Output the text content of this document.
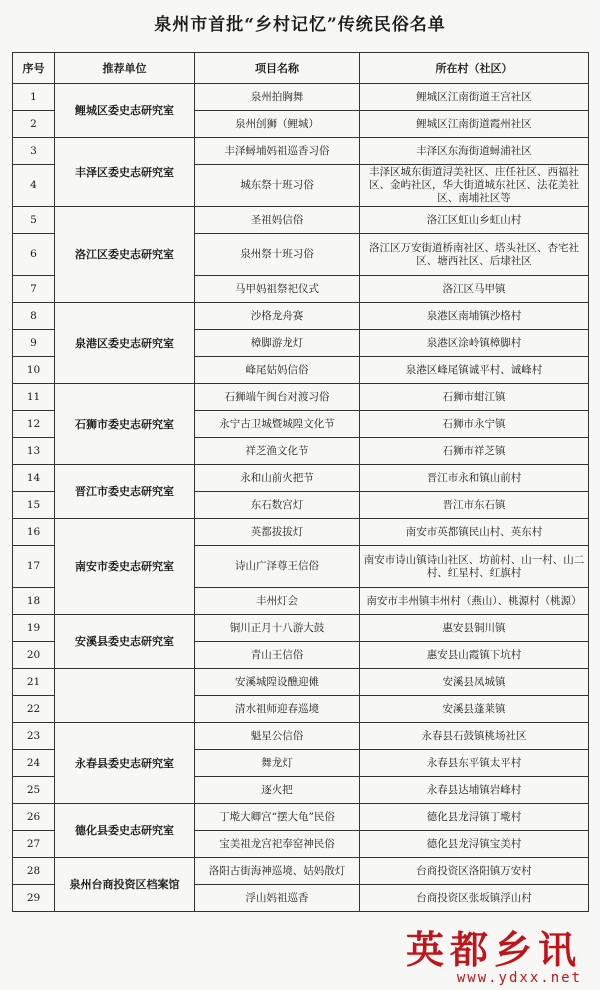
泉州市首批“乡村记忆”传统民俗名单
序号	推荐单位	项目名称	所在村（社区）
1	鲤城区委史志研究室	泉州拍胸舞	鲤城区江南街道王宫社区
2		泉州刣狮（鲤城）	鲤城区江南街道霞州社区
3	丰泽区委史志研究室	丰泽蟳埔妈祖巡香习俗	丰泽区东海街道蟳浦社区
4		城东祭十班习俗	丰泽区城东街道浔美社区、庄任社区、西福社区、金屿社区，华大街道城东社区、法花美社区、南埔社区等
5	洛江区委史志研究室	圣祖妈信俗	洛江区虹山乡虹山村
6		泉州祭十班习俗	洛江区万安街道桥南社区、塔头社区、杏宅社区、塘西社区、后埭社区
7		马甲妈祖祭祀仪式	洛江区马甲镇
8	泉港区委史志研究室	沙格龙舟赛	泉港区南埔镇沙格村
9		樟脚游龙灯	泉港区涂岭镇樟脚村
10		峰尾姑妈信俗	泉港区峰尾镇诚平村、诚峰村
11	石狮市委史志研究室	石狮端午闽台对渡习俗	石狮市蚶江镇
12		永宁古卫城暨城隍文化节	石狮市永宁镇
13		祥芝渔文化节	石狮市祥芝镇
14	晋江市委史志研究室	永和山前火把节	晋江市永和镇山前村
15		东石数宫灯	晋江市东石镇
16	南安市委史志研究室	英都拔拔灯	南安市英都镇民山村、英东村
17		诗山广泽尊王信俗	南安市诗山镇诗山社区、坊前村、山一村、山二村、红星村、红旗村
18		丰州灯会	南安市丰州镇丰州村（燕山）、桃源村（桃源）
19	安溪县委史志研究室	铜川正月十八游大鼓	惠安县铜川镇
20		青山王信俗	惠安县山霞镇下坑村
21		安溪城隍设醮迎傩	安溪县凤城镇
22		清水祖师迎春巡境	安溪县蓬莱镇
23	永春县委史志研究室	魁星公信俗	永春县石鼓镇桃场社区
24		舞龙灯	永春县东平镇太平村
25		逐火把	永春县达埔镇岩峰村
26	德化县委史志研究室	丁墘大卿宫“摆大龟”民俗	德化县龙浔镇丁墘村
27		宝美祖龙宫祀奉窑神民俗	德化县龙浔镇宝美村
28	泉州台商投资区档案馆	洛阳古街海神巡境、姑妈散灯	台商投资区洛阳镇万安村
29		浮山妈祖巡香	台商投资区张坂镇浮山村
英都乡讯
www.ydxx.net
